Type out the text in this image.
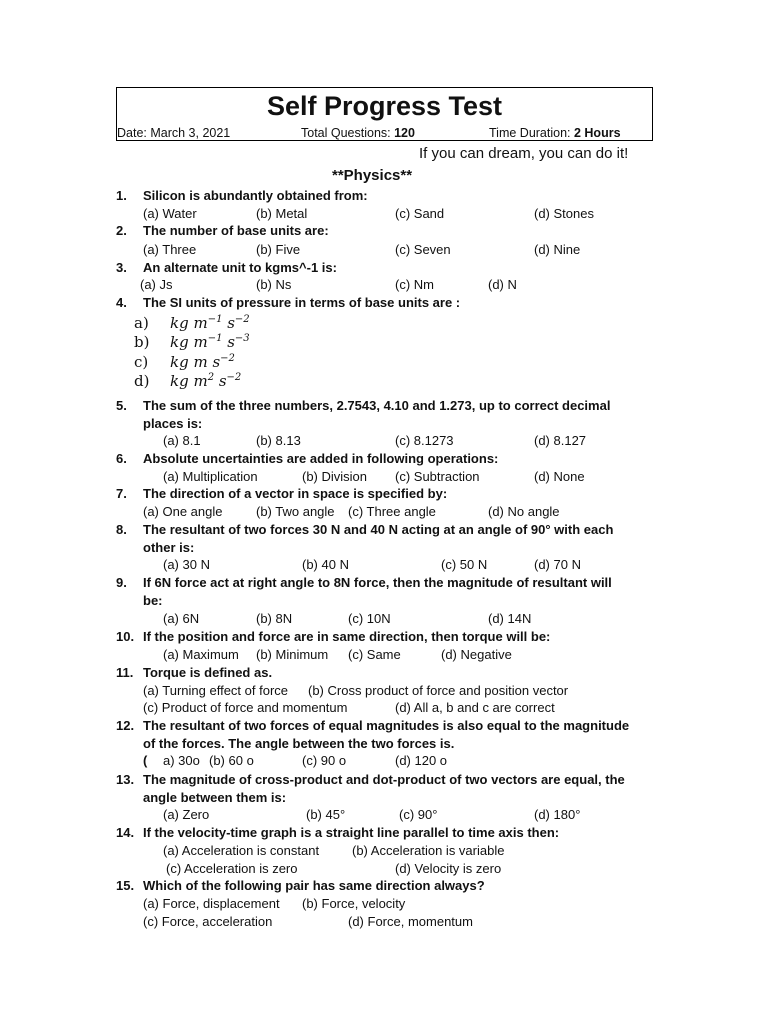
Self Progress Test
Date: March 3, 2021	Total Questions: 120	Time Duration: 2 Hours
If you can dream, you can do it!
**Physics**
1. Silicon is abundantly obtained from:
(a) Water	(b) Metal	(c) Sand	(d) Stones
2. The number of base units are:
(a) Three	(b) Five	(c) Seven	(d) Nine
3. An alternate unit to kgms^-1 is:
(a) Js	(b) Ns	(c) Nm	(d) N
4. The SI units of pressure in terms of base units are :
a) kg $m^{-1}$ $s^{-2}$
b) kg $m^{-1}$ $s^{-3}$
c) kg m $s^{-2}$
d) kg $m^2$ $s^{-2}$
5. The sum of the three numbers, 2.7543, 4.10 and 1.273, up to correct decimal
places is:
(a) 8.1	(b) 8.13	(c) 8.1273	(d) 8.127
6. Absolute uncertainties are added in following operations:
(a) Multiplication	(b) Division (c) Subtraction	(d) None
7. The direction of a vector in space is specified by:
(a) One angle	(b) Two angle (c) Three angle	(d) No angle
8. The resultant of two forces 30 N and 40 N acting at an angle of 90° with each
other is:
(a) 30 N	(b) 40 N	(c) 50 N	(d) 70 N
9. If 6N force act at right angle to 8N force, then the magnitude of resultant will
be:
(a) 6N	(b) 8N	(c) 10N	(d) 14N
10. If the position and force are in same direction, then torque will be:
(a) Maximum (b) Minimum (c) Same	(d) Negative
11. Torque is defined as.
(a) Turning effect of force (b) Cross product of force and position vector
(c) Product of force and momentum	(d) All a, b and c are correct
12. The resultant of two forces of equal magnitudes is also equal to the magnitude
of the forces. The angle between the two forces is.
( a) 30o (b) 60 o	(c) 90 o	(d) 120 o
13. The magnitude of cross-product and dot-product of two vectors are equal, the
angle between them is:
(a) Zero	(b) 45°	(c) 90°	(d) 180°
14. If the velocity-time graph is a straight line parallel to time axis then:
(a) Acceleration is constant	(b) Acceleration is variable
(c) Acceleration is zero	(d) Velocity is zero
15. Which of the following pair has same direction always?
(a) Force, displacement (b) Force, velocity
(c) Force, acceleration	(d) Force, momentum
